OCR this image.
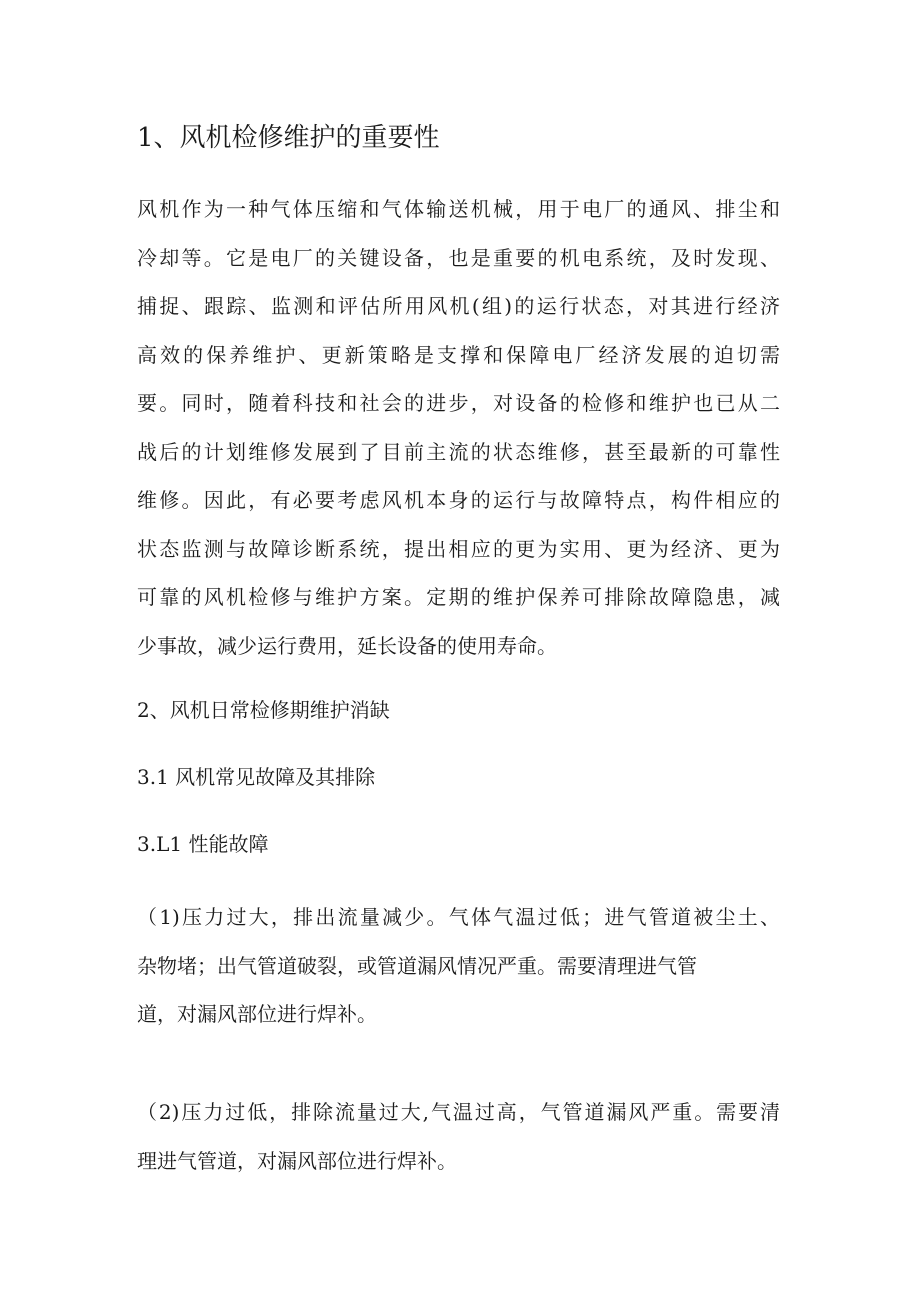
1、风机检修维护的重要性
风机作为一种气体压缩和气体输送机械，用于电厂的通风、排尘和
冷却等。它是电厂的关键设备，也是重要的机电系统，及时发现、
捕捉、跟踪、监测和评估所用风机(组)的运行状态，对其进行经济
高效的保养维护、更新策略是支撑和保障电厂经济发展的迫切需
要。同时，随着科技和社会的进步，对设备的检修和维护也已从二
战后的计划维修发展到了目前主流的状态维修，甚至最新的可靠性
维修。因此，有必要考虑风机本身的运行与故障特点，构件相应的
状态监测与故障诊断系统，提出相应的更为实用、更为经济、更为
可靠的风机检修与维护方案。定期的维护保养可排除故障隐患，减
少事故，减少运行费用，延长设备的使用寿命。
2、风机日常检修期维护消缺
3.1 风机常见故障及其排除
3.L1 性能故障
（1)压力过大，排出流量减少。气体气温过低；进气管道被尘土、
杂物堵；出气管道破裂，或管道漏风情况严重。需要清理进气管
道，对漏风部位进行焊补。
（2)压力过低，排除流量过大,气温过高，气管道漏风严重。需要清
理进气管道，对漏风部位进行焊补。
